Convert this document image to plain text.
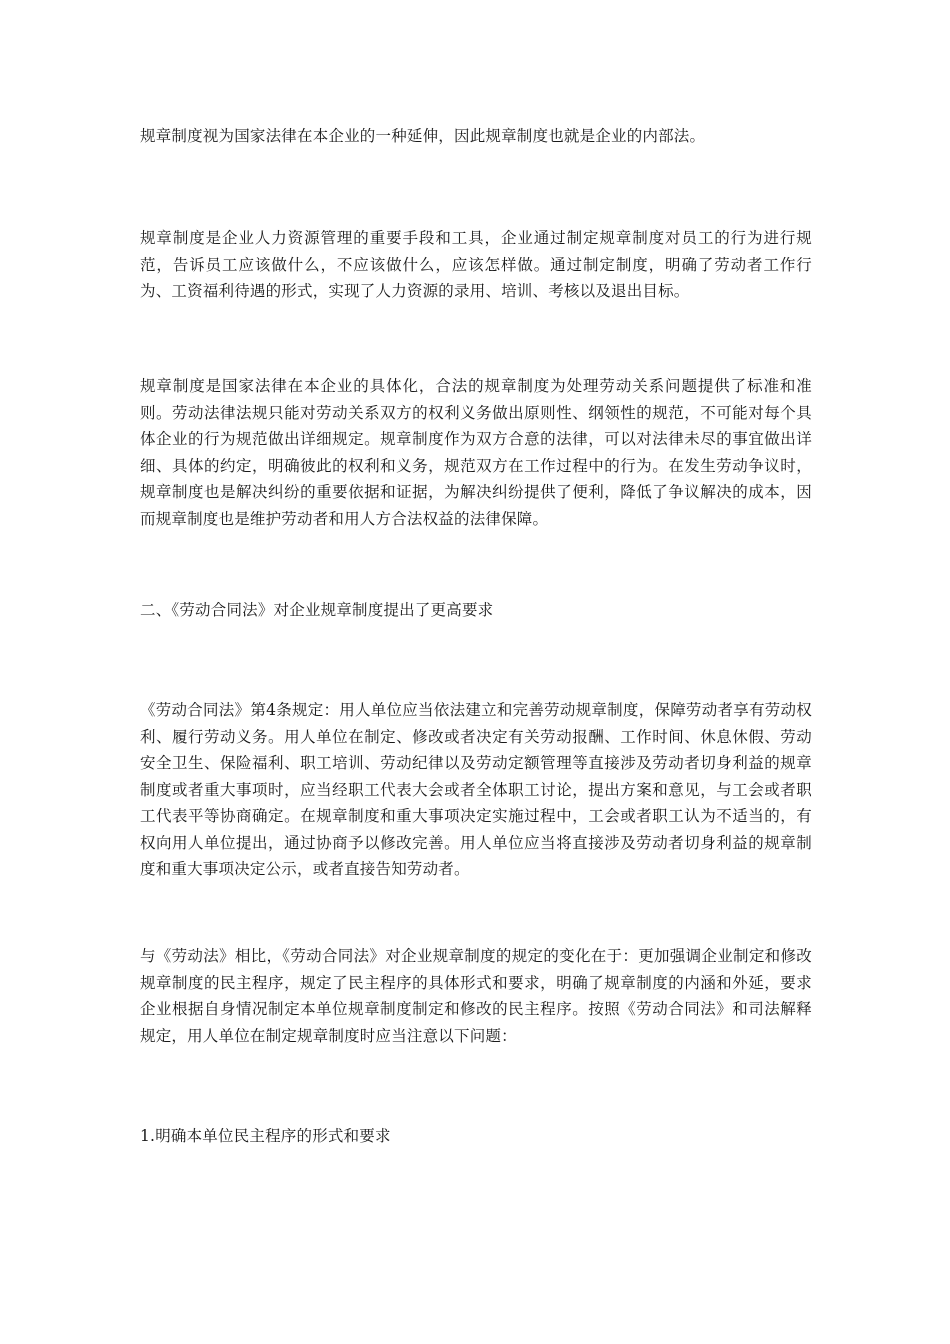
规章制度视为国家法律在本企业的一种延伸，因此规章制度也就是企业的内部法。

规章制度是企业人力资源管理的重要手段和工具，企业通过制定规章制度对员工的行为进行规范，告诉员工应该做什么，不应该做什么，应该怎样做。通过制定制度，明确了劳动者工作行为、工资福利待遇的形式，实现了人力资源的录用、培训、考核以及退出目标。

规章制度是国家法律在本企业的具体化，合法的规章制度为处理劳动关系问题提供了标准和准则。劳动法律法规只能对劳动关系双方的权利义务做出原则性、纲领性的规范，不可能对每个具体企业的行为规范做出详细规定。规章制度作为双方合意的法律，可以对法律未尽的事宜做出详细、具体的约定，明确彼此的权利和义务，规范双方在工作过程中的行为。在发生劳动争议时，规章制度也是解决纠纷的重要依据和证据，为解决纠纷提供了便利，降低了争议解决的成本，因而规章制度也是维护劳动者和用人方合法权益的法律保障。

二、《劳动合同法》对企业规章制度提出了更高要求

《劳动合同法》第4条规定：用人单位应当依法建立和完善劳动规章制度，保障劳动者享有劳动权利、履行劳动义务。用人单位在制定、修改或者决定有关劳动报酬、工作时间、休息休假、劳动安全卫生、保险福利、职工培训、劳动纪律以及劳动定额管理等直接涉及劳动者切身利益的规章制度或者重大事项时，应当经职工代表大会或者全体职工讨论，提出方案和意见，与工会或者职工代表平等协商确定。在规章制度和重大事项决定实施过程中，工会或者职工认为不适当的，有权向用人单位提出，通过协商予以修改完善。用人单位应当将直接涉及劳动者切身利益的规章制度和重大事项决定公示，或者直接告知劳动者。

与《劳动法》相比，《劳动合同法》对企业规章制度的规定的变化在于：更加强调企业制定和修改规章制度的民主程序，规定了民主程序的具体形式和要求，明确了规章制度的内涵和外延，要求企业根据自身情况制定本单位规章制度制定和修改的民主程序。按照《劳动合同法》和司法解释规定，用人单位在制定规章制度时应当注意以下问题：

1.明确本单位民主程序的形式和要求
